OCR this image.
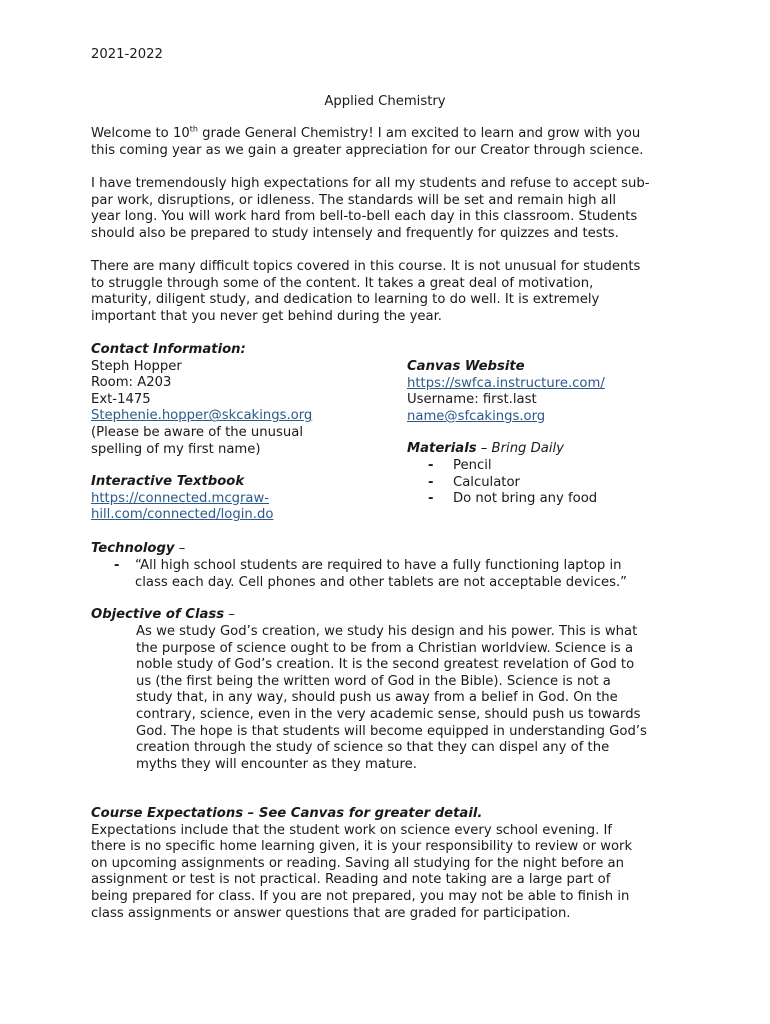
2021-2022
Applied Chemistry
Welcome to 10th grade General Chemistry! I am excited to learn and grow with you
this coming year as we gain a greater appreciation for our Creator through science.
I have tremendously high expectations for all my students and refuse to accept sub-
par work, disruptions, or idleness. The standards will be set and remain high all
year long. You will work hard from bell-to-bell each day in this classroom. Students
should also be prepared to study intensely and frequently for quizzes and tests.
There are many difficult topics covered in this course. It is not unusual for students
to struggle through some of the content. It takes a great deal of motivation,
maturity, diligent study, and dedication to learning to do well. It is extremely
important that you never get behind during the year.
Contact Information:
Steph Hopper
Room: A203
Ext-1475
Stephenie.hopper@skcakings.org
(Please be aware of the unusual
spelling of my first name)
Interactive Textbook
https://connected.mcgraw-
hill.com/connected/login.do
Canvas Website
https://swfca.instructure.com/
Username: first.last
name@sfcakings.org
Materials – Bring Daily
- Pencil
- Calculator
- Do not bring any food
Technology –
- “All high school students are required to have a fully functioning laptop in
class each day. Cell phones and other tablets are not acceptable devices.”
Objective of Class –
As we study God’s creation, we study his design and his power. This is what
the purpose of science ought to be from a Christian worldview. Science is a
noble study of God’s creation. It is the second greatest revelation of God to
us (the first being the written word of God in the Bible). Science is not a
study that, in any way, should push us away from a belief in God. On the
contrary, science, even in the very academic sense, should push us towards
God. The hope is that students will become equipped in understanding God’s
creation through the study of science so that they can dispel any of the
myths they will encounter as they mature.
Course Expectations – See Canvas for greater detail.
Expectations include that the student work on science every school evening. If
there is no specific home learning given, it is your responsibility to review or work
on upcoming assignments or reading. Saving all studying for the night before an
assignment or test is not practical. Reading and note taking are a large part of
being prepared for class. If you are not prepared, you may not be able to finish in
class assignments or answer questions that are graded for participation.
